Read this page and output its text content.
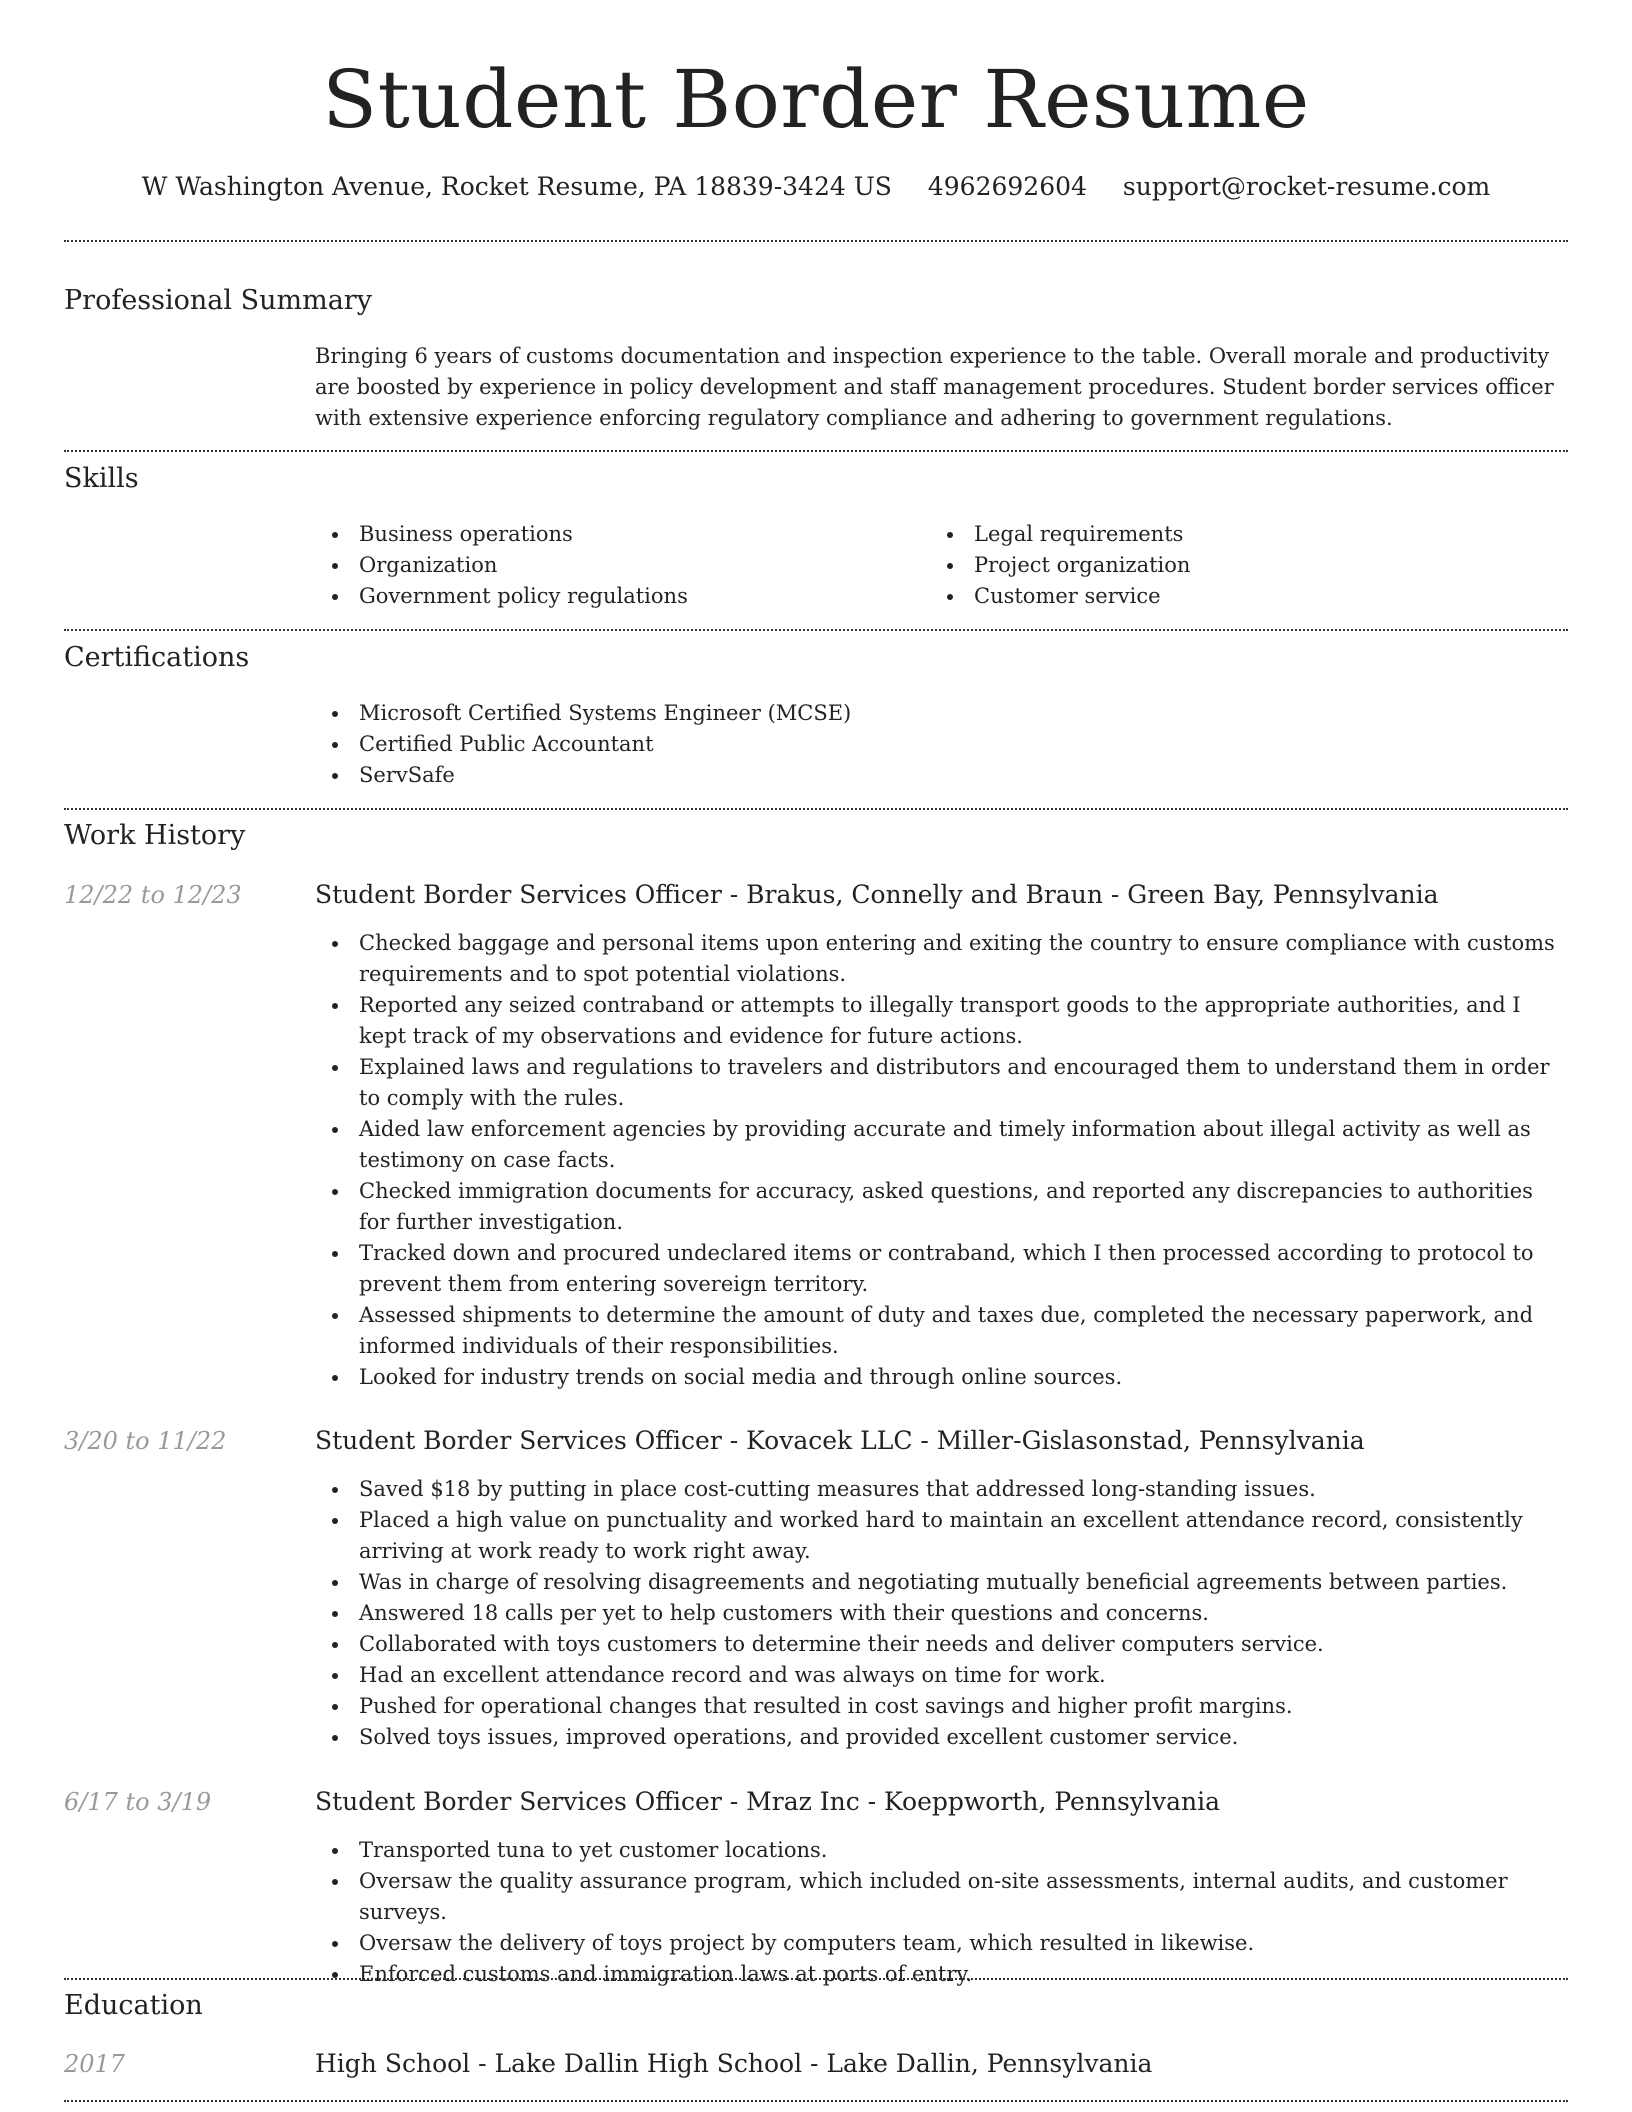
Student Border Resume
W Washington Avenue, Rocket Resume, PA 18839-3424 US 4962692604 support@rocket-resume.com
Professional Summary
Bringing 6 years of customs documentation and inspection experience to the table. Overall morale and productivity are boosted by experience in policy development and staff management procedures. Student border services officer with extensive experience enforcing regulatory compliance and adhering to government regulations.
Skills
Business operations
Organization
Government policy regulations
Legal requirements
Project organization
Customer service
Certifications
Microsoft Certified Systems Engineer (MCSE)
Certified Public Accountant
ServSafe
Work History
12/22 to 12/23	Student Border Services Officer - Brakus, Connelly and Braun - Green Bay, Pennsylvania
Checked baggage and personal items upon entering and exiting the country to ensure compliance with customs requirements and to spot potential violations.
Reported any seized contraband or attempts to illegally transport goods to the appropriate authorities, and I kept track of my observations and evidence for future actions.
Explained laws and regulations to travelers and distributors and encouraged them to understand them in order to comply with the rules.
Aided law enforcement agencies by providing accurate and timely information about illegal activity as well as testimony on case facts.
Checked immigration documents for accuracy, asked questions, and reported any discrepancies to authorities for further investigation.
Tracked down and procured undeclared items or contraband, which I then processed according to protocol to prevent them from entering sovereign territory.
Assessed shipments to determine the amount of duty and taxes due, completed the necessary paperwork, and informed individuals of their responsibilities.
Looked for industry trends on social media and through online sources.
3/20 to 11/22	Student Border Services Officer - Kovacek LLC - Miller-Gislasonstad, Pennsylvania
Saved $18 by putting in place cost-cutting measures that addressed long-standing issues.
Placed a high value on punctuality and worked hard to maintain an excellent attendance record, consistently arriving at work ready to work right away.
Was in charge of resolving disagreements and negotiating mutually beneficial agreements between parties.
Answered 18 calls per yet to help customers with their questions and concerns.
Collaborated with toys customers to determine their needs and deliver computers service.
Had an excellent attendance record and was always on time for work.
Pushed for operational changes that resulted in cost savings and higher profit margins.
Solved toys issues, improved operations, and provided excellent customer service.
6/17 to 3/19	Student Border Services Officer - Mraz Inc - Koeppworth, Pennsylvania
Transported tuna to yet customer locations.
Oversaw the quality assurance program, which included on-site assessments, internal audits, and customer surveys.
Oversaw the delivery of toys project by computers team, which resulted in likewise.
Enforced customs and immigration laws at ports of entry.
Education
2017	High School - Lake Dallin High School - Lake Dallin, Pennsylvania
